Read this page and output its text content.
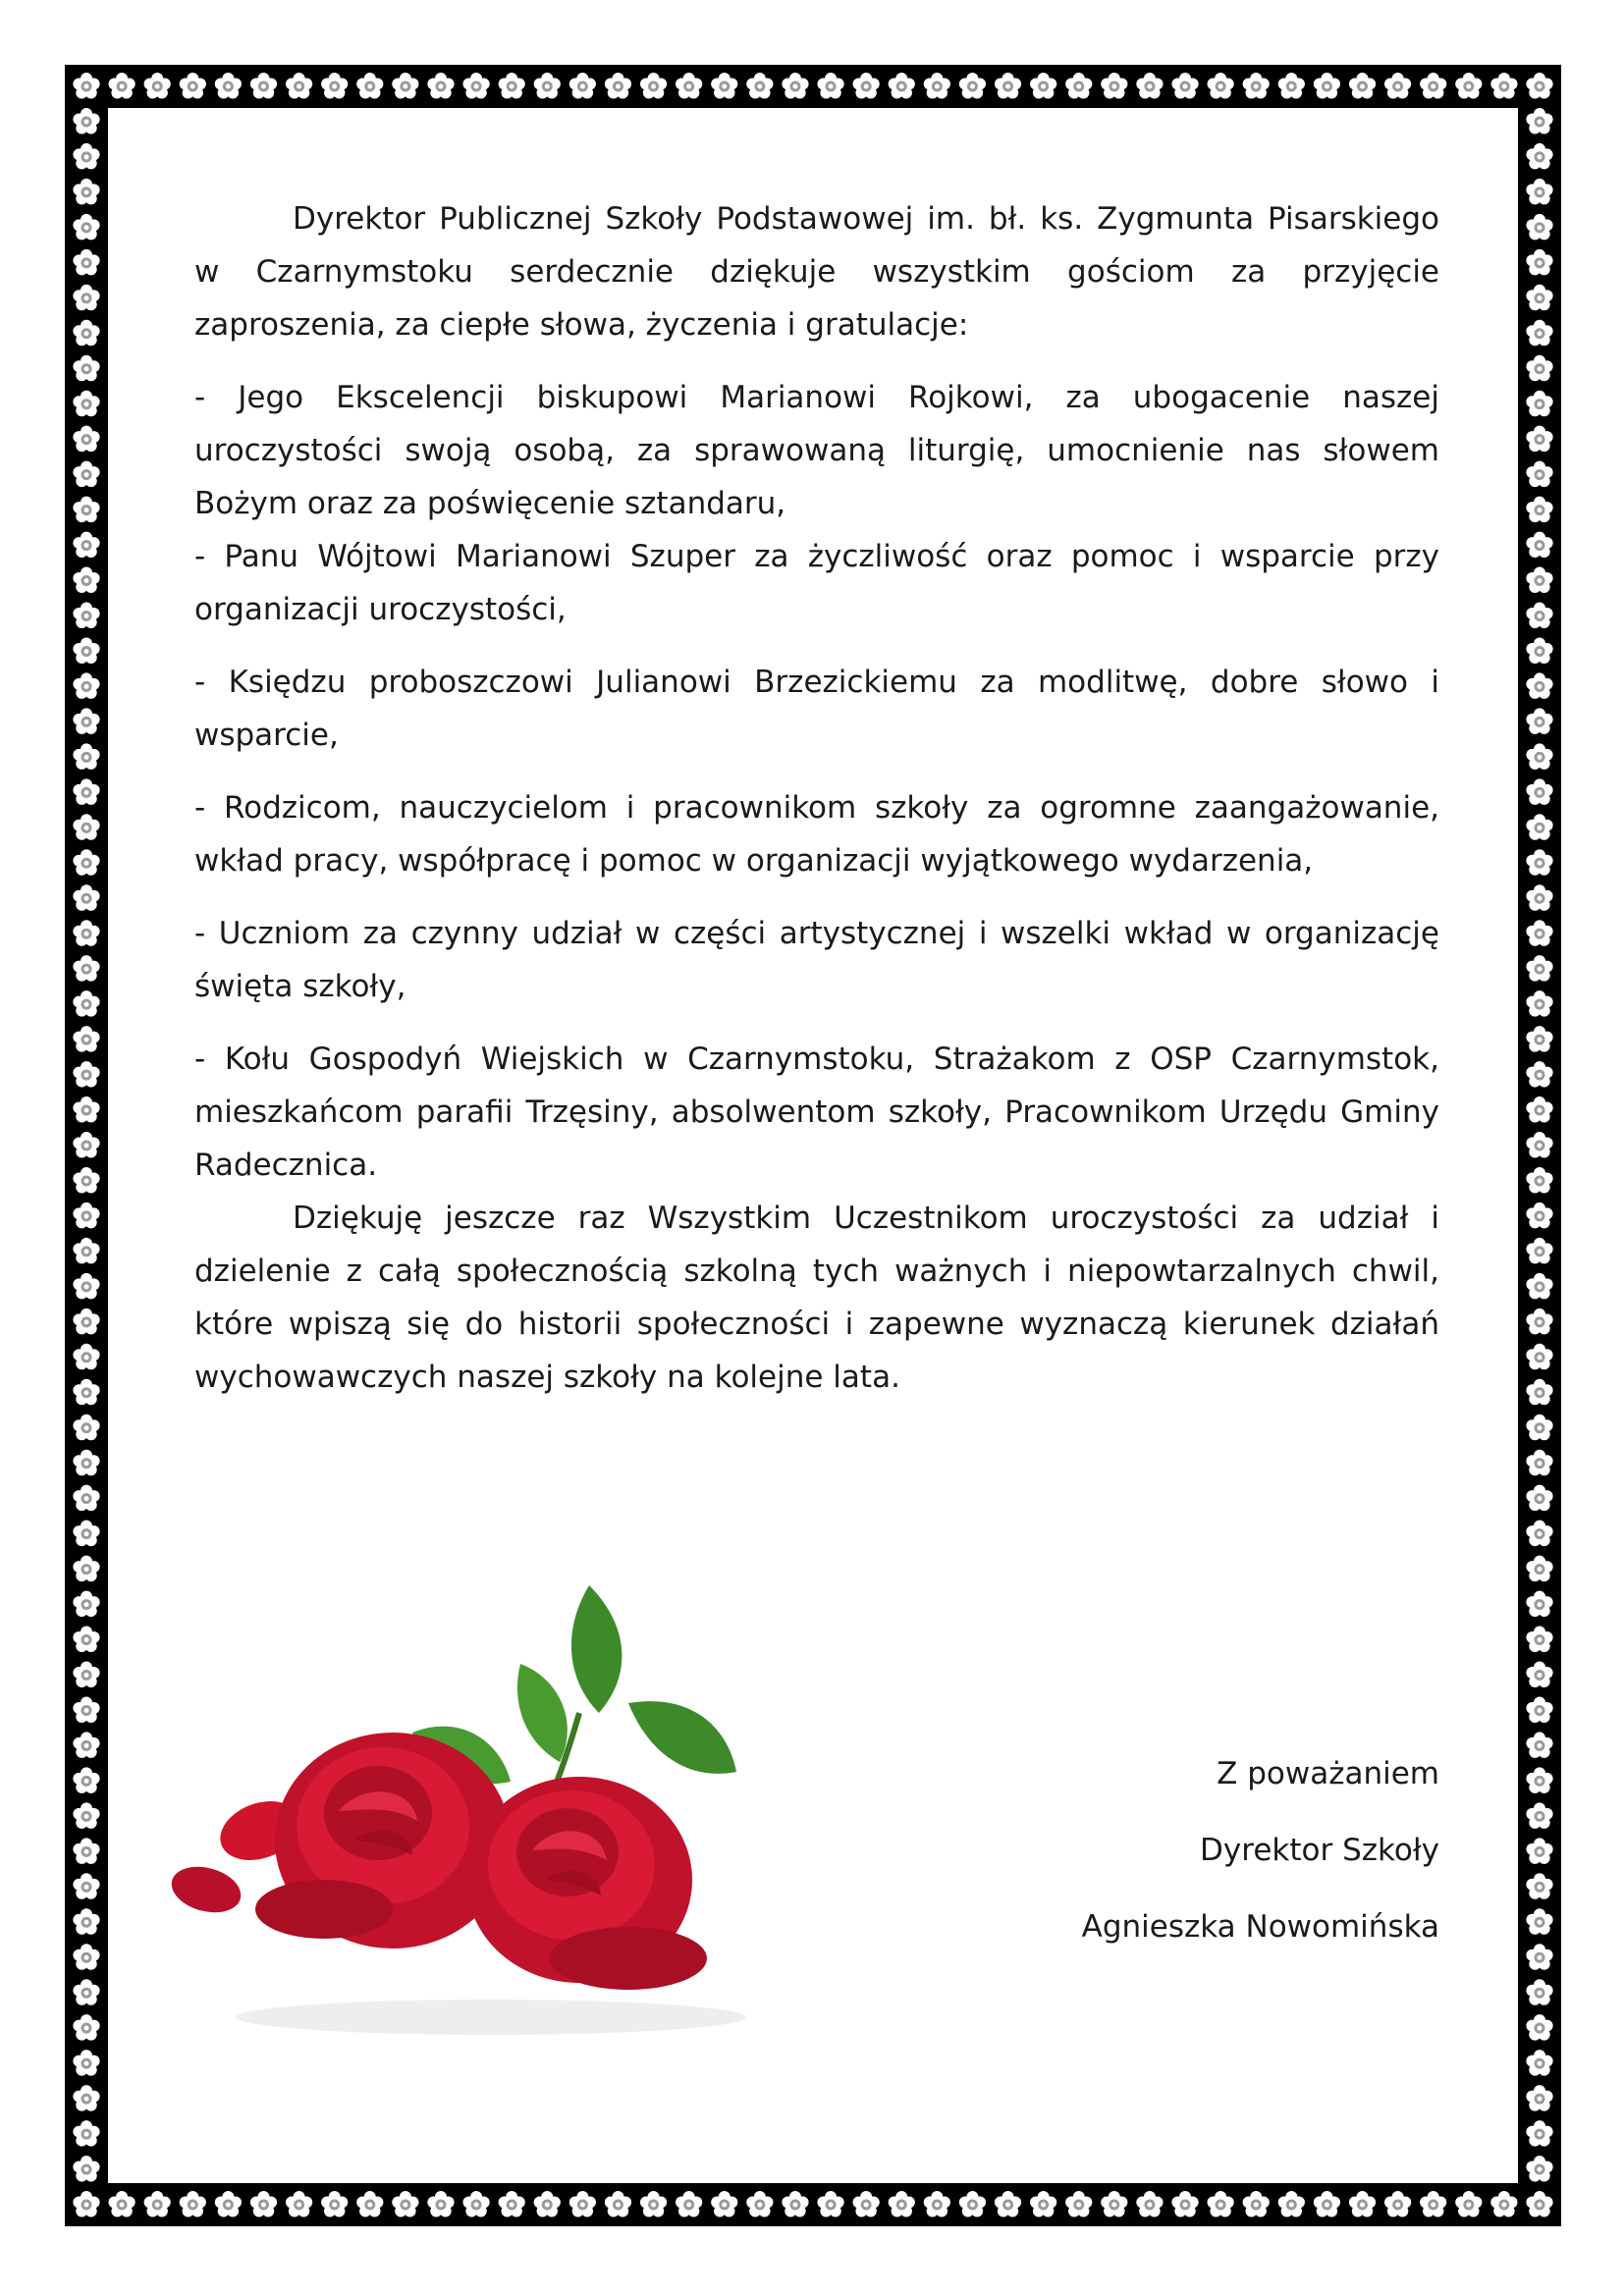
Dyrektor Publicznej Szkoły Podstawowej im. bł. ks. Zygmunta Pisarskiego w Czarnymstoku serdecznie dziękuje wszystkim gościom za przyjęcie zaproszenia, za ciepłe słowa, życzenia i gratulacje:

- Jego Ekscelencji biskupowi Marianowi Rojkowi, za ubogacenie naszej uroczystości swoją osobą, za sprawowaną liturgię, umocnienie nas słowem Bożym oraz za poświęcenie sztandaru,

- Panu Wójtowi Marianowi Szuper za życzliwość oraz pomoc i wsparcie przy organizacji uroczystości,

- Księdzu proboszczowi Julianowi Brzezickiemu za modlitwę, dobre słowo i wsparcie,

- Rodzicom, nauczycielom i pracownikom szkoły za ogromne zaangażowanie, wkład pracy, współpracę i pomoc w organizacji wyjątkowego wydarzenia,

- Uczniom za czynny udział w części artystycznej i wszelki wkład w organizację święta szkoły,

- Kołu Gospodyń Wiejskich w Czarnymstoku, Strażakom z OSP Czarnymstok, mieszkańcom parafii Trzęsiny, absolwentom szkoły, Pracownikom Urzędu Gminy Radecznica.

Dziękuję jeszcze raz Wszystkim Uczestnikom uroczystości za udział i dzielenie z całą społecznością szkolną tych ważnych i niepowtarzalnych chwil, które wpiszą się do historii społeczności i zapewne wyznaczą kierunek działań wychowawczych naszej szkoły na kolejne lata.

Z poważaniem
Dyrektor Szkoły
Agnieszka Nowomińska
